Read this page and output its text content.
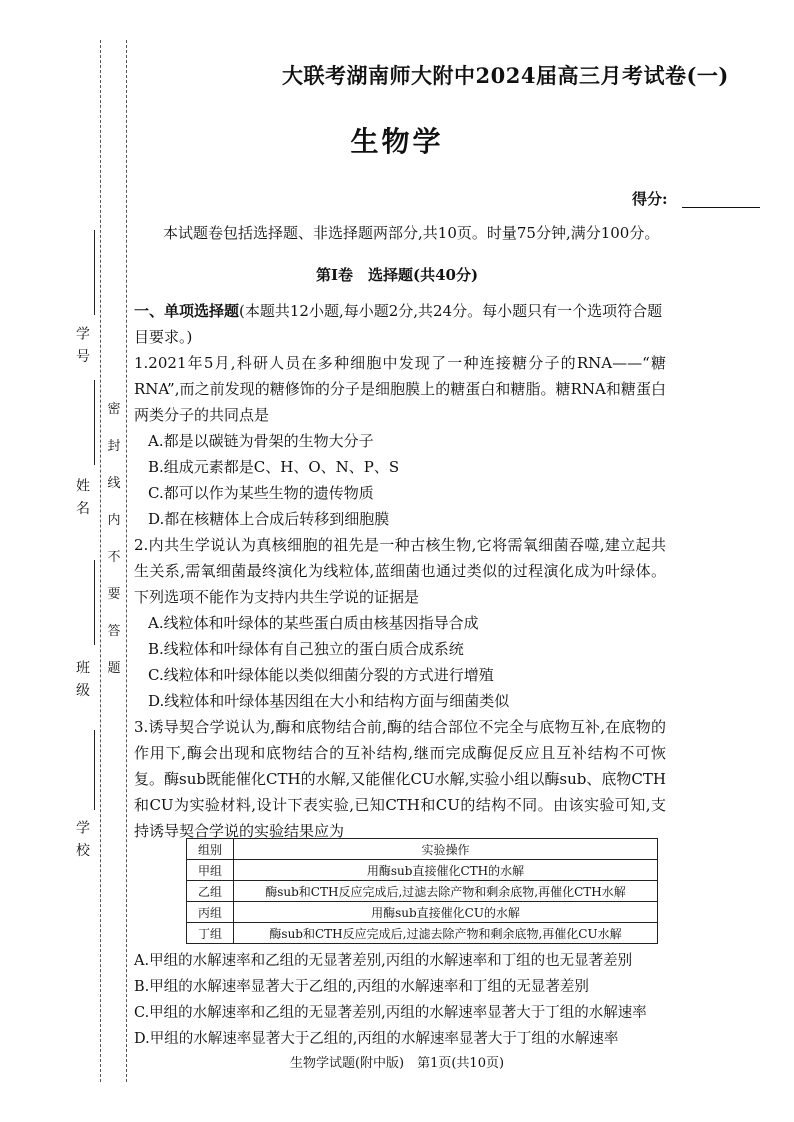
学 校
班 级
姓 名
学 号
密
封
线
内
不
要
答
题
大联考湖南师大附中2024届高三月考试卷(一)
生物学
得分:
本试题卷包括选择题、非选择题两部分,共10页。时量75分钟,满分100分。
第Ⅰ卷　选择题(共40分)
一、单项选择题(本题共12小题,每小题2分,共24分。每小题只有一个选项符合题目要求。)

1.2021年5月,科研人员在多种细胞中发现了一种连接糖分子的RNA——“糖RNA”,而之前发现的糖修饰的分子是细胞膜上的糖蛋白和糖脂。糖RNA和糖蛋白两类分子的共同点是

A.都是以碳链为骨架的生物大分子

B.组成元素都是C、H、O、N、P、S

C.都可以作为某些生物的遗传物质

D.都在核糖体上合成后转移到细胞膜

2.内共生学说认为真核细胞的祖先是一种古核生物,它将需氧细菌吞噬,建立起共生关系,需氧细菌最终演化为线粒体,蓝细菌也通过类似的过程演化成为叶绿体。下列选项不能作为支持内共生学说的证据是

A.线粒体和叶绿体的某些蛋白质由核基因指导合成

B.线粒体和叶绿体有自己独立的蛋白质合成系统

C.线粒体和叶绿体能以类似细菌分裂的方式进行增殖

D.线粒体和叶绿体基因组在大小和结构方面与细菌类似

3.诱导契合学说认为,酶和底物结合前,酶的结合部位不完全与底物互补,在底物的作用下,酶会出现和底物结合的互补结构,继而完成酶促反应且互补结构不可恢复。酶sub既能催化CTH的水解,又能催化CU水解,实验小组以酶sub、底物CTH和CU为实验材料,设计下表实验,已知CTH和CU的结构不同。由该实验可知,支持诱导契合学说的实验结果应为

组别	实验操作
甲组	用酶sub直接催化CTH的水解
乙组	酶sub和CTH反应完成后,过滤去除产物和剩余底物,再催化CTH水解
丙组	用酶sub直接催化CU的水解
丁组	酶sub和CTH反应完成后,过滤去除产物和剩余底物,再催化CU水解

A.甲组的水解速率和乙组的无显著差别,丙组的水解速率和丁组的也无显著差别

B.甲组的水解速率显著大于乙组的,丙组的水解速率和丁组的无显著差别

C.甲组的水解速率和乙组的无显著差别,丙组的水解速率显著大于丁组的水解速率

D.甲组的水解速率显著大于乙组的,丙组的水解速率显著大于丁组的水解速率

生物学试题(附中版)　第1页(共10页)
